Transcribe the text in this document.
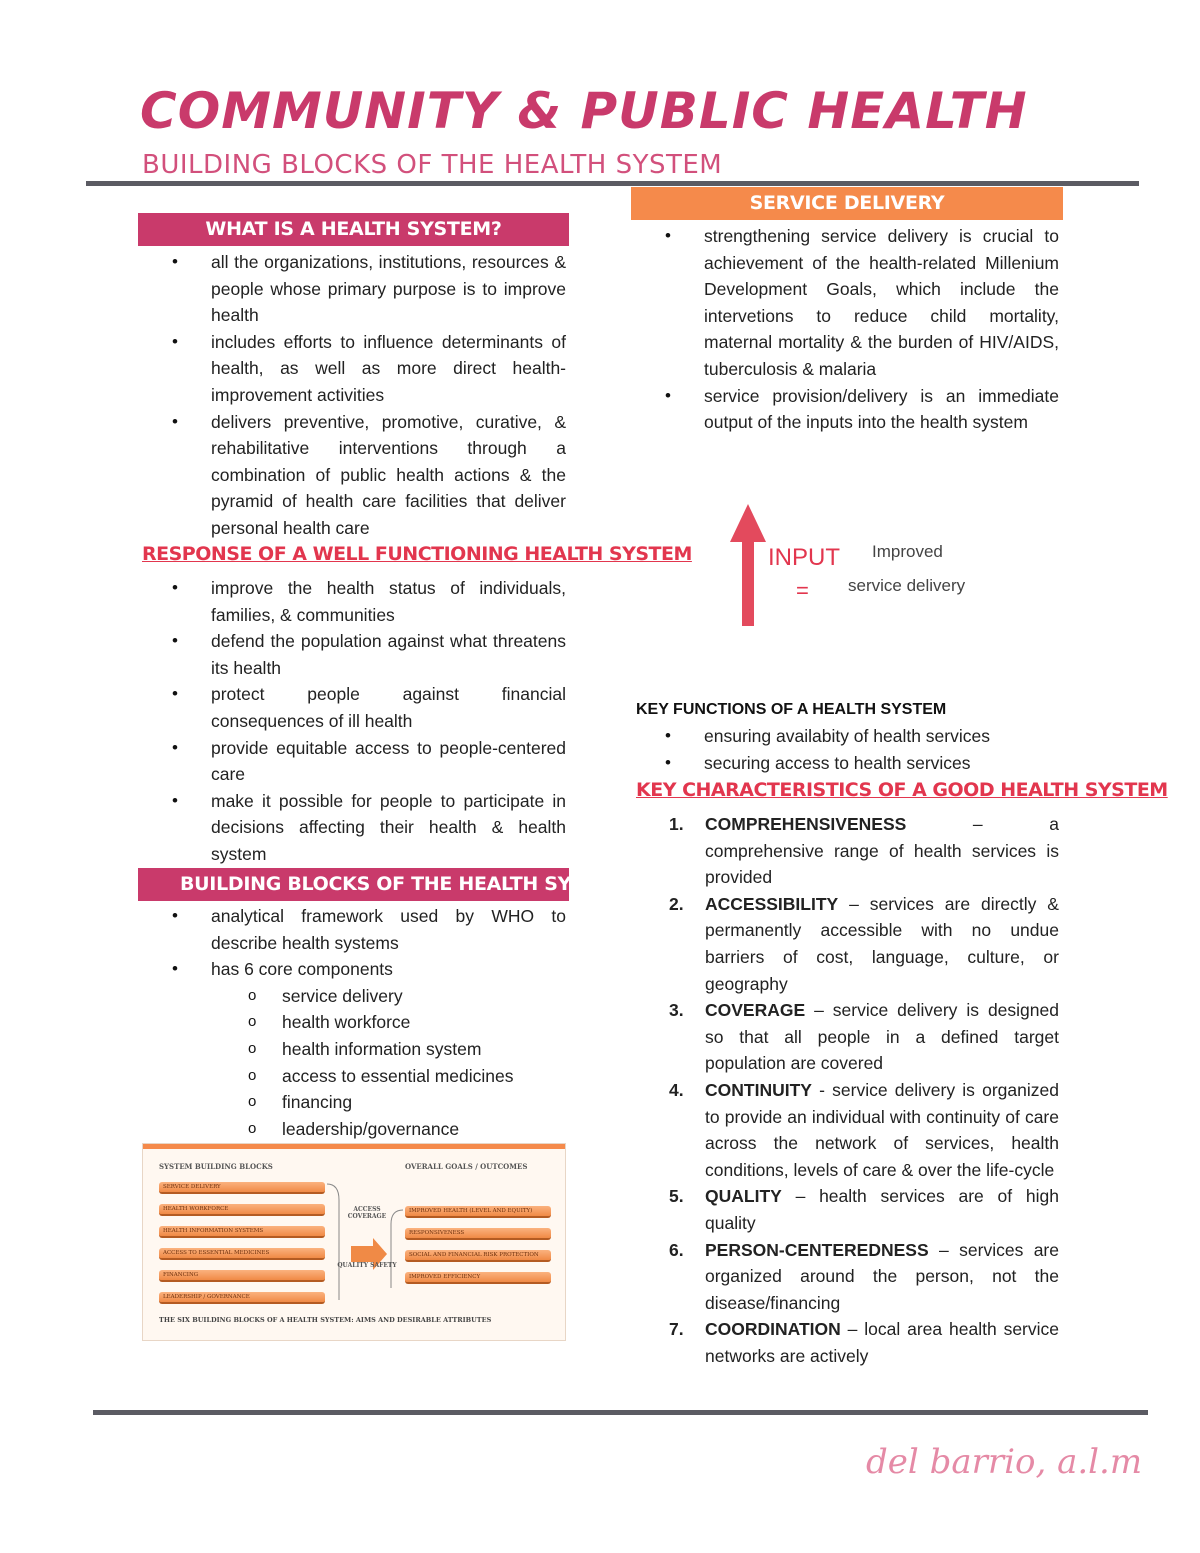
COMMUNITY & PUBLIC HEALTH
BUILDING BLOCKS OF THE HEALTH SYSTEM
WHAT IS A HEALTH SYSTEM?
• all the organizations, institutions, resources & people whose primary purpose is to improve health
• includes efforts to influence determinants of health, as well as more direct health- improvement activities
• delivers preventive, promotive, curative, & rehabilitative interventions through a combination of public health actions & the pyramid of health care facilities that deliver personal health care
RESPONSE OF A WELL FUNCTIONING HEALTH SYSTEM
• improve the health status of individuals, families, & communities
• defend the population against what threatens its health
• protect people against financial consequences of ill health
• provide equitable access to people-centered care
• make it possible for people to participate in decisions affecting their health & health system
BUILDING BLOCKS OF THE HEALTH SYSTEM
• analytical framework used by WHO to describe health systems
• has 6 core components
o service delivery
o health workforce
o health information system
o access to essential medicines
o financing
o leadership/governance
SYSTEM BUILDING BLOCKS	OVERALL GOALS / OUTCOMES
SERVICE DELIVERY
HEALTH WORKFORCE
HEALTH INFORMATION SYSTEMS
ACCESS TO ESSENTIAL MEDICINES
FINANCING
LEADERSHIP / GOVERNANCE
ACCESS COVERAGE
QUALITY SAFETY
IMPROVED HEALTH (LEVEL AND EQUITY)
RESPONSIVENESS
SOCIAL AND FINANCIAL RISK PROTECTION
IMPROVED EFFICIENCY
THE SIX BUILDING BLOCKS OF A HEALTH SYSTEM: AIMS AND DESIRABLE ATTRIBUTES
SERVICE DELIVERY
• strengthening service delivery is crucial to achievement of the health-related Millenium Development Goals, which include the intervetions to reduce child mortality, maternal mortality & the burden of HIV/AIDS, tuberculosis & malaria
• service provision/delivery is an immediate output of the inputs into the health system
INPUT
=
Improved
service delivery
KEY FUNCTIONS OF A HEALTH SYSTEM
• ensuring availabity of health services
• securing access to health services
KEY CHARACTERISTICS OF A GOOD HEALTH SYSTEM
1. COMPREHENSIVENESS – a comprehensive range of health services is provided
2. ACCESSIBILITY – services are directly & permanently accessible with no undue barriers of cost, language, culture, or geography
3. COVERAGE – service delivery is designed so that all people in a defined target population are covered
4. CONTINUITY - service delivery is organized to provide an individual with continuity of care across the network of services, health conditions, levels of care & over the life-cycle
5. QUALITY – health services are of high quality
6. PERSON-CENTEREDNESS – services are organized around the person, not the disease/financing
7. COORDINATION – local area health service networks are actively
del barrio, a.l.m
